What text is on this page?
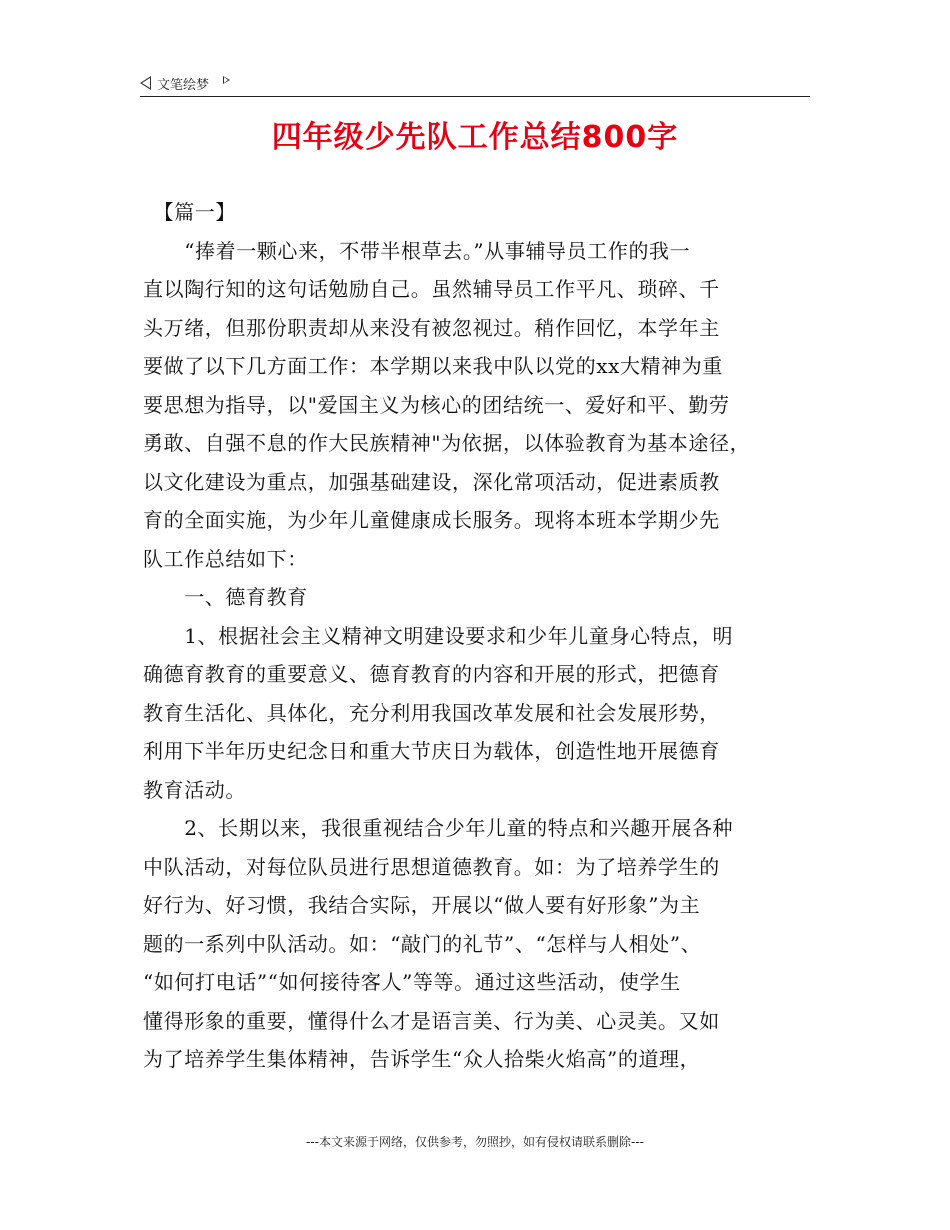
文笔绘梦
四年级少先队工作总结800字

　【篇一】

　　“捧着一颗心来，不带半根草去。”从事辅导员工作的我一

直以陶行知的这句话勉励自己。虽然辅导员工作平凡、琐碎、千

头万绪，但那份职责却从来没有被忽视过。稍作回忆，本学年主

要做了以下几方面工作：本学期以来我中队以党的xx大精神为重

要思想为指导，以"爱国主义为核心的团结统一、爱好和平、勤劳

勇敢、自强不息的作大民族精神"为依据，以体验教育为基本途径，

以文化建设为重点，加强基础建设，深化常项活动，促进素质教

育的全面实施，为少年儿童健康成长服务。现将本班本学期少先

队工作总结如下：

　　一、德育教育

　　1、根据社会主义精神文明建设要求和少年儿童身心特点，明

确德育教育的重要意义、德育教育的内容和开展的形式，把德育

教育生活化、具体化，充分利用我国改革发展和社会发展形势，

利用下半年历史纪念日和重大节庆日为载体，创造性地开展德育

教育活动。

　　2、长期以来，我很重视结合少年儿童的特点和兴趣开展各种

中队活动，对每位队员进行思想道德教育。如：为了培养学生的

好行为、好习惯，我结合实际，开展以“做人要有好形象”为主

题的一系列中队活动。如：“敲门的礼节”、“怎样与人相处”、

“如何打电话”“如何接待客人”等等。通过这些活动，使学生

懂得形象的重要，懂得什么才是语言美、行为美、心灵美。又如

为了培养学生集体精神，告诉学生“众人拾柴火焰高”的道理，

---本文来源于网络，仅供参考，勿照抄，如有侵权请联系删除---
